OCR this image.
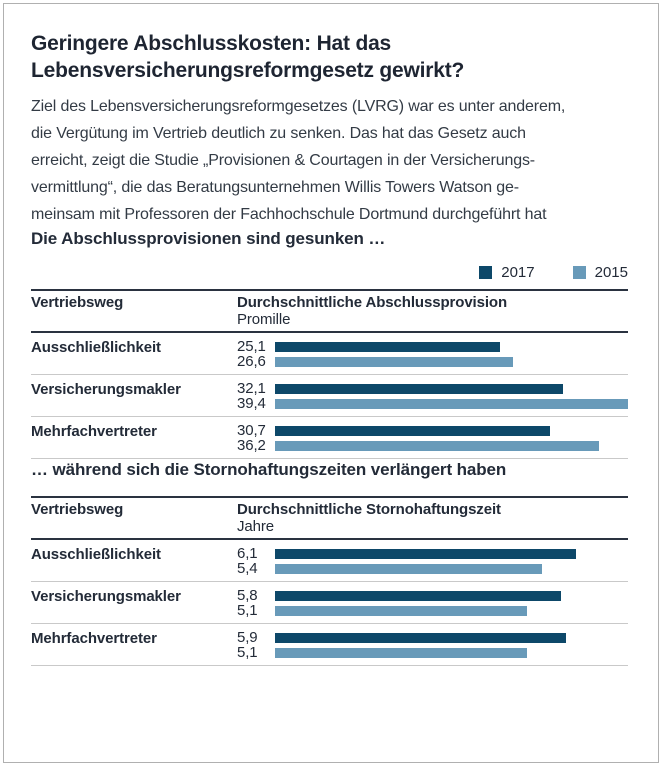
Geringere Abschlusskosten: Hat das
Lebensversicherungsreformgesetz gewirkt?
Ziel des Lebensversicherungsreformgesetzes (LVRG) war es unter anderem,
die Vergütung im Vertrieb deutlich zu senken. Das hat das Gesetz auch
erreicht, zeigt die Studie „Provisionen & Courtagen in der Versicherungs-
vermittlung“, die das Beratungsunternehmen Willis Towers Watson ge-
meinsam mit Professoren der Fachhochschule Dortmund durchgeführt hat
Die Abschlussprovisionen sind gesunken …
2017	2015
Vertriebsweg	Durchschnittliche Abschlussprovision
Promille
Ausschließlichkeit	25,1
26,6
Versicherungsmakler	32,1
39,4
Mehrfachvertreter	30,7
36,2
… während sich die Stornohaftungszeiten verlängert haben
Vertriebsweg	Durchschnittliche Stornohaftungszeit
Jahre
Ausschließlichkeit	6,1
5,4
Versicherungsmakler	5,8
5,1
Mehrfachvertreter	5,9
5,1
